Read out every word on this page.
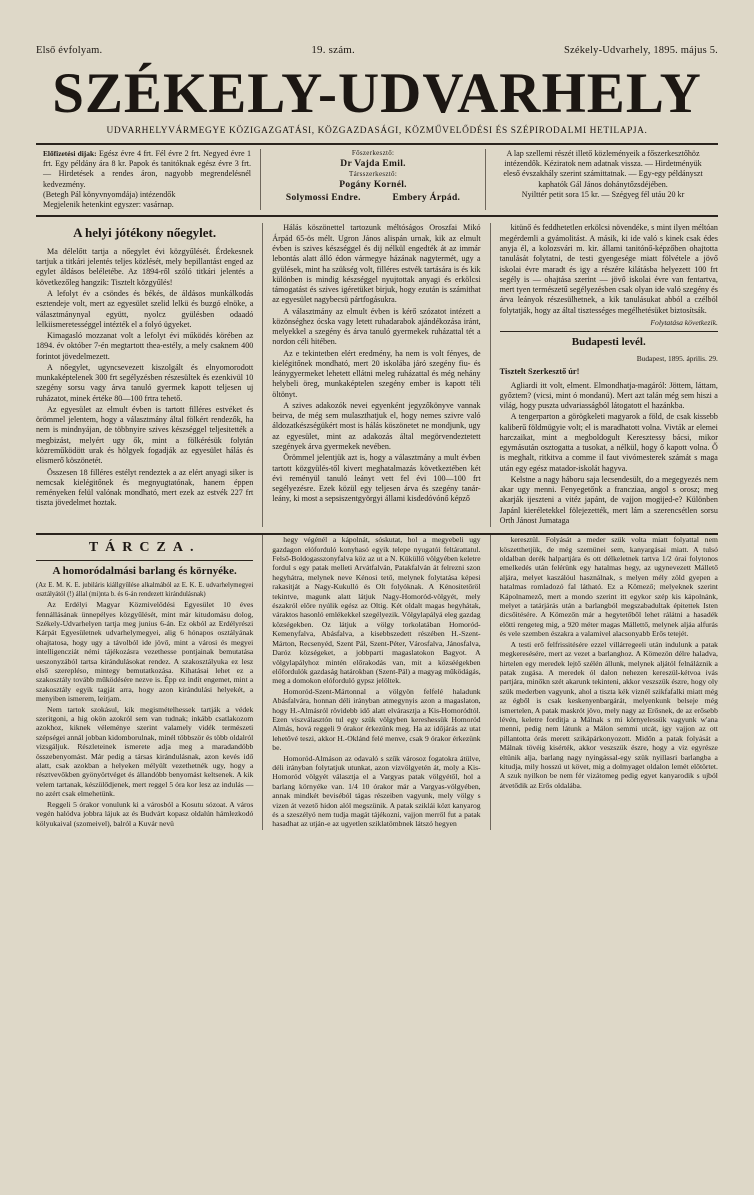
Első évfolyam.	19. szám.	Székely-Udvarhely, 1895. május 5.
SZÉKELY-UDVARHELY
UDVARHELYVÁRMEGYE KÖZIGAZGATÁSI, KÖZGAZDASÁGI, KÖZMŰVELŐDÉSI ÉS SZÉPIRODALMI HETILAPJA.
Előfizetési dijak: Egész évre 4 frt. Fél évre 2 frt. Negyed évre 1 frt. Egy példány ára 8 kr. Papok és tanitóknak egész évre 3 frt. — Hirdetések a rendes áron, nagyobb megrendelésnél kedvezmény.
(Betegh Pál könyvnyomdája) intézendők
Megjelenik hetenkint egyszer: vasárnap.
Főszerkesztő:
Dr Vajda Emil.
Társszerkesztő:
Pogány Kornél.
Solymossi Endre.	Embery Árpád.
A lap szellemi részét illető közleményeik a főszerkesztőhöz intézendők. Kéziratok nem adatnak vissza. — Hirdetményük eleső évszakhály szerint számittatnak. — Egy-egy példányszt kaphatók Gál János dohánytőzsdéjében.
Nyilttér petit sora 15 kr. — Szégyeg fél utáu 20 kr
A helyi jótékony nőegylet.

Ma délelőtt tartja a nőegylet évi közgyűlését. Érdekesnek tartjuk a titkári jelentés teljes közlését, mely bepillantást enged az egylet áldásos beléletébe. Az 1894-ről szóló titkári jelentés a következőleg hangzik: Tisztelt közgyűlés!

A lefolyt év a csöndes és békés, de áldásos munkálkodás esztendeje volt, mert az egyesület szelid lelkü és buzgó elnöke, a választmánynyal együtt, nyolcz gyülésben odaadó lelkiismeretességgel intézték el a folyó ügyeket.

Kimagasló mozzanat volt a lefolyt évi működés körében az 1894. év október 7-én megtartott thea-estély, a mely csaknem 400 forintot jövedelmezett.

A nőegylet, ugyncsevezett kiszolgált és elnyomorodott munkaképtelenek 300 frt segélyzésben részesültek és ezenkivül 10 szegény sorsu vagy árva tanuló gyermek kapott teljesen uj ruházatot, minek értéke 80—100 frtra tehető.

Az egyesület az elmult évben is tartott filléres estvéket és örömmel jelentem, hogy a választmány által fölkért rendezők, ha nem is mindnyájan, de többnyire szives készséggel teljesitették a megbizást, melyért ugy ők, mint a fölkérésük folytán közreműködött urak és hölgyek fogadják az egyesület hálás és elismerő köszönetét.

Összesen 18 filléres estélyt rendeztek a az elért anyagi siker is nemcsak kielégitőnek és megnyugtatónak, hanem éppen reményeken felül valónak mondható, mert ezek az estvék 227 frt tiszta jövedelmet hoztak.

Hálás köszönettel tartozunk méltóságos Oroszfai Mikó Árpád 65-ös mélt. Ugron János alispán urnak, kik az elmult évben is szives készséggel és dij nélkül engedték át az immár lebontás alatt álló édon vármegye házának nagytermét, ugy a gyülések, mint ha szükség volt, filléres estvék tartására is és kik különben is mindig készséggel nyujtottak anyagi és erkölcsi támogatást és szives igéretüket birjuk, hogy ezután is számithat az egyesület nagybecsü pártfogásukra.

A választmány az elmult évben is kérő szózatot intézett a közönséghez ócska vagy letett ruhadarabok ajándékozása iránt, melyekkel a szegény és árva tanuló gyermekek ruházattal tét a nordon céli hitében.

Az e tekintetben elért eredmény, ha nem is volt fényes, de kielégitőnek mondható, mert 20 iskolába járó szegény fiu- és leánygyermeket lehetett ellátni meleg ruházattal és még nehány helybeli öreg, munkaképtelen szegény ember is kapott téli öltönyt.

A szives adakozók nevei egyenként jegyzőkönyve vannak beirva, de még sem mulaszthatjuk el, hogy nemes szivre való áldozatkészségükért most is hálás köszönetet ne mondjunk, ugy az egyesület, mint az adakozás által megörvendeztetett szegények árva gyermekek nevében.

Örömmel jelentjük azt is, hogy a választmány a mult évben tartott közgyülés-től kivert meghatalmazás következtében két évi reményül tanuló leányt vett fel évi 100—100 frt segélyezésre. Ezek közül egy teljesen árva és szegény tanár-leány, ki most a sepsiszentgyörgyi állami kisdedóvónő képző

kitünő és feddhetetlen erkölcsi növendéke, s mint ilyen méltóan megérdemli a gyámolitást. A másik, ki ide való s kinek csak édes anyja él, a kolozsvári m. kir. állami tanitónő-képzőben ohajtotta tanulását folytatni, de testi gyengesége miatt fölvétele a jövő iskolai évre maradt és igy a részére kilátásba helyezett 100 frt segély is — ohajtása szerint — jövő iskolai évre van fentartva, mert tyen természetű segélyezésben csak olyan ide való szegény és árva leányok részesülhetnek, a kik tanulásukat abból a czélból folytatják, hogy az által tisztességes megélhetésüket biztosítsák.

Folytatása következik.
Budapesti levél.
Budapest, 1895. április. 29.
Tisztelt Szerkesztő úr!

Agliardi itt volt, elment. Elmondhatja-magáról: Jöttem, láttam, győztem? (vicsi, mint ó mondanú). Mert azt talán még sem hiszi a világ, hogy puszta udvariasságból látogatott el hazánkba.

A tengerparton a görögkeleti magyarok a föld, de csak kissebb kaliberű földmügyie volt; el is maradhatott volna. Vivták ar elemei harczaikat, mint a megboldogult Keresztessy bácsi, mikor egymásután osztogatta a tusokat, a nélkül, hogy ő kapott volna. Ő is meghalt, ritkitva a comme il faut vivómesterek számát s maga után egy egész matador-iskolát hagyva.

Kelstne a nagy háboru saja lecsendesült, do a megegyezés nem akar ugy menni. Fenyegetőnk a francziaa, angol s orosz; meg akarják ijeszteni a vitéz japánt, de vajjon mogijed-e? Különben Japánl kieréletekkel fölejezették, mert lám a szerencsétlen sorsu Orth Jánost Jumataga

TÁRCZA.
A homoródalmási barlang és környéke.

(Az E. M. K. E. jubiláris kiállgyűlése alkalmából az E. K. E. udvarhelymegyei osztályától (!) állal (mi)nta b. és 6-án rendezett kirándulásnak)

Az Erdélyi Magyar Közmivelődési Egyesület 10 éves fennállásának ünnepélyes közgyűlését, mint már kitudomásu dolog, Székely-Udvarhelyen tartja meg junius 6-án. Ez okból az Erdélyrészi Kárpát Egyesületnek udvarhelymegyei, alig 6 hónapos osztályának ohajtatosa, hogy ugy a távolból ide jövő, mint a városi és megyei intelligencziát némi tájékozásra vezethesse pontjainak bemutatása ueszonyzából tartsa kirándulásokat rendez. A szakosztályuka ez lesz első szerepléso, mintegy bemutatkozása. Kihatásai lehet ez a szakosztály tovább működésére nezve is. Épp ez indit engemet, mint a szakosztály egyik tagját arra, hogy azon kirándulási helyekét, a menyiben ismerem, leírjam.

Nem tartok szokásul, kik megismételhessek tartják a védek szeritgoni, a hig okön azokról sem van tudnak; inkább csatlakozom azokhoz, kiknek véleménye szerint valamely vidék természeti szépségei annál jobban kidomborulnak, minél többször és több oldalról vizsgáljuk. Részleteinek ismerete adja meg a maradandóbb összebenyomást. Már pedig a társas kirándulásnak, azon kevés idő alatt, csak azokban a helyeken mélyült vezethetnék ugy, hogy a résztvevőkben gyönyörtvéget és állandóbb benyomást keltsenek. A kik velem tartanak, készülődjenek, mert reggel 5 óra kor lesz az indulás — no azért csak elmehetünk.

Reggeli 5 órakor vonulunk ki a városból a Kosutu sózoat. A város vegén halódva jobbra lájuk az és Budvárt kopasz oldalún hámlezkodó kölyukaival (szomeivel), balról a Kuvár nevü

hegy végénél a kápolnát, sóskutat, hol a megyebeli ugy gazdagon elóforduló konyhasó egyik telepe nyugatói feltárattatul. Felső-Boldogasszonyfalva köz az ut a N. Küküllő völgyében keletre fordul s egy patak melleti Arvátfalván, Patakfalván át felrezni szon hegyhátra, melynek neve Kénosi tető, melynek folytatása képesi rakasitját a Nagy-Kukulló és Olt folyóknak. A Kénositetőröl tekintve, magunk alatt látjuk Nagy-Homoród-völgyét, mely északról előre nyúlik egész az Oltig. Két oldalt magas hegyhátak, váraktos hasonló emlékekkel szegélyezik. Völgylapályá eleg gazdag községekben. Oz látjuk a völgy torkolatában Homoród-Kemenyfalva, Abásfalva, a kisebbszedett részében H.-Szent-Márton, Recsenyéd, Szent Pál, Szent-Péter, Városfalva, Jánosfalva, Daróz községeket, a jobbparti magaslatokon Bagyot. A völgylapályhoz mintén előrakodás van, mit a közséégekben előfordulók gazdaság határokban (Szent-Pál) a magyag működágás, meg a domokon elóforduló gypsz jelöltek.

Homoród-Szent-Mártonnal a völgyön felfelé haladunk Abásfalvára, honnan déli irányban atmegynyis azon a magaslaton, hogy H.-Almásról rövidebb idő alatt elvárasztja a Kis-Homoródtól. Ezen viszválasztón tul egy szük völgyben kereshessük Homoród Almás, hová reggeli 9 órakor érkezünk meg. Ha az időjárás az utat lehetővé teszi, akkor H.-Oklánd felé menve, csak 9 órakor érkezünk be.

Homoród-Almáson az odavaló s szűk városoz fogatokra átülve, déli irányban folytatjuk utunkat, azon vizvölgyetén át, moly a Kis-Homoród völgyét választja el a Vargyas patak völgyétől, hol a barlang környéke van. 1/4 10 órakor már a Vargyas-völgyében, annak mindkét beviséból tágas részeiben vagyunk, mely völgy s vizen át vezető hidon alól megszünik. A patak sziklái közt kanyarog és a szeszélyó nem tudja magát tájékozni, vajjon merről fut a patak hasadhat az utján-e az ugyetlen sziklatömbnek látszó hegyen

keresztül. Folyását a meder szük volta miatt folyattal nem köszetthetjük, de még szemünei sem, kanyargásai miatt. A tulsó oldalban derék halpartjára és ott délkeletnek tartva 1/2 órai folytonos emelkedés után felérünk egy hatalmas hegy, az ugynevezett Mállető aljára, melyet kaszálóul használnak, s melyen mély zöld gyepen a hatalmas romladozó fal látható. Ez a Kömező; melyeknek szerint Kápolnamező, mert a mondo szerint itt egykor szép kis kápolnánk, melyet a tatárjárás után a barlangból megszabadultak épitettek Isten dicsőitésére. A Kömezőn már a hegytetőből lehet rálátni a hasadék előtti rengeteg mig, a 920 méter magas Mállettő, melynek aljáa alfurás és vele szemben északra a valamivel alacsonyabb Erős tetejét.

A testi erő felfrissitésére ezzel villárregeeli után indulunk a patak megkeresésére, mert az vezet a barlanghoz. A Kömezön délre haladva, hirtelen egy meredek lejtő szélén állunk, melynek aljától felnáláznik a patak zugása. A meredek ól dalon nehezen kereszül-kétvoa ivás partjára, minőkn szét akarunk tekinteni, akkor veszszük észre, hogy oly szük mederben vagyunk, ahol a tiszta kék viznél szikfafalki miatt még az égből is csak keskenyenbargárát, melyenkunk belseje még ismertelen, A patak maskrót jövo, mely nagy az Erősnek, de az erősebb lévén, keletre forditja a Málnak s mi környelessük vagyunk w'ana menni, pedig nem látunk a Málon semmi utcát, igy vajjon az ott pillantotta órás merett szikápárkonyozott. Midőn a patak folyását a Málnak tövéig kisérték, akkor veszszük észre, hogy a viz egyrésze eltünik alja, barlang nagy nyingással-egy szük nyillasri barlangba a kitudja, mily hosszú ut követ, mig a dolmyaget oldalon lemét előtörtet. A szuk nyilkon be nem fér vizátomeg pedig egyet kanyarodik s ujból átvetődik az Erős oldalába.
